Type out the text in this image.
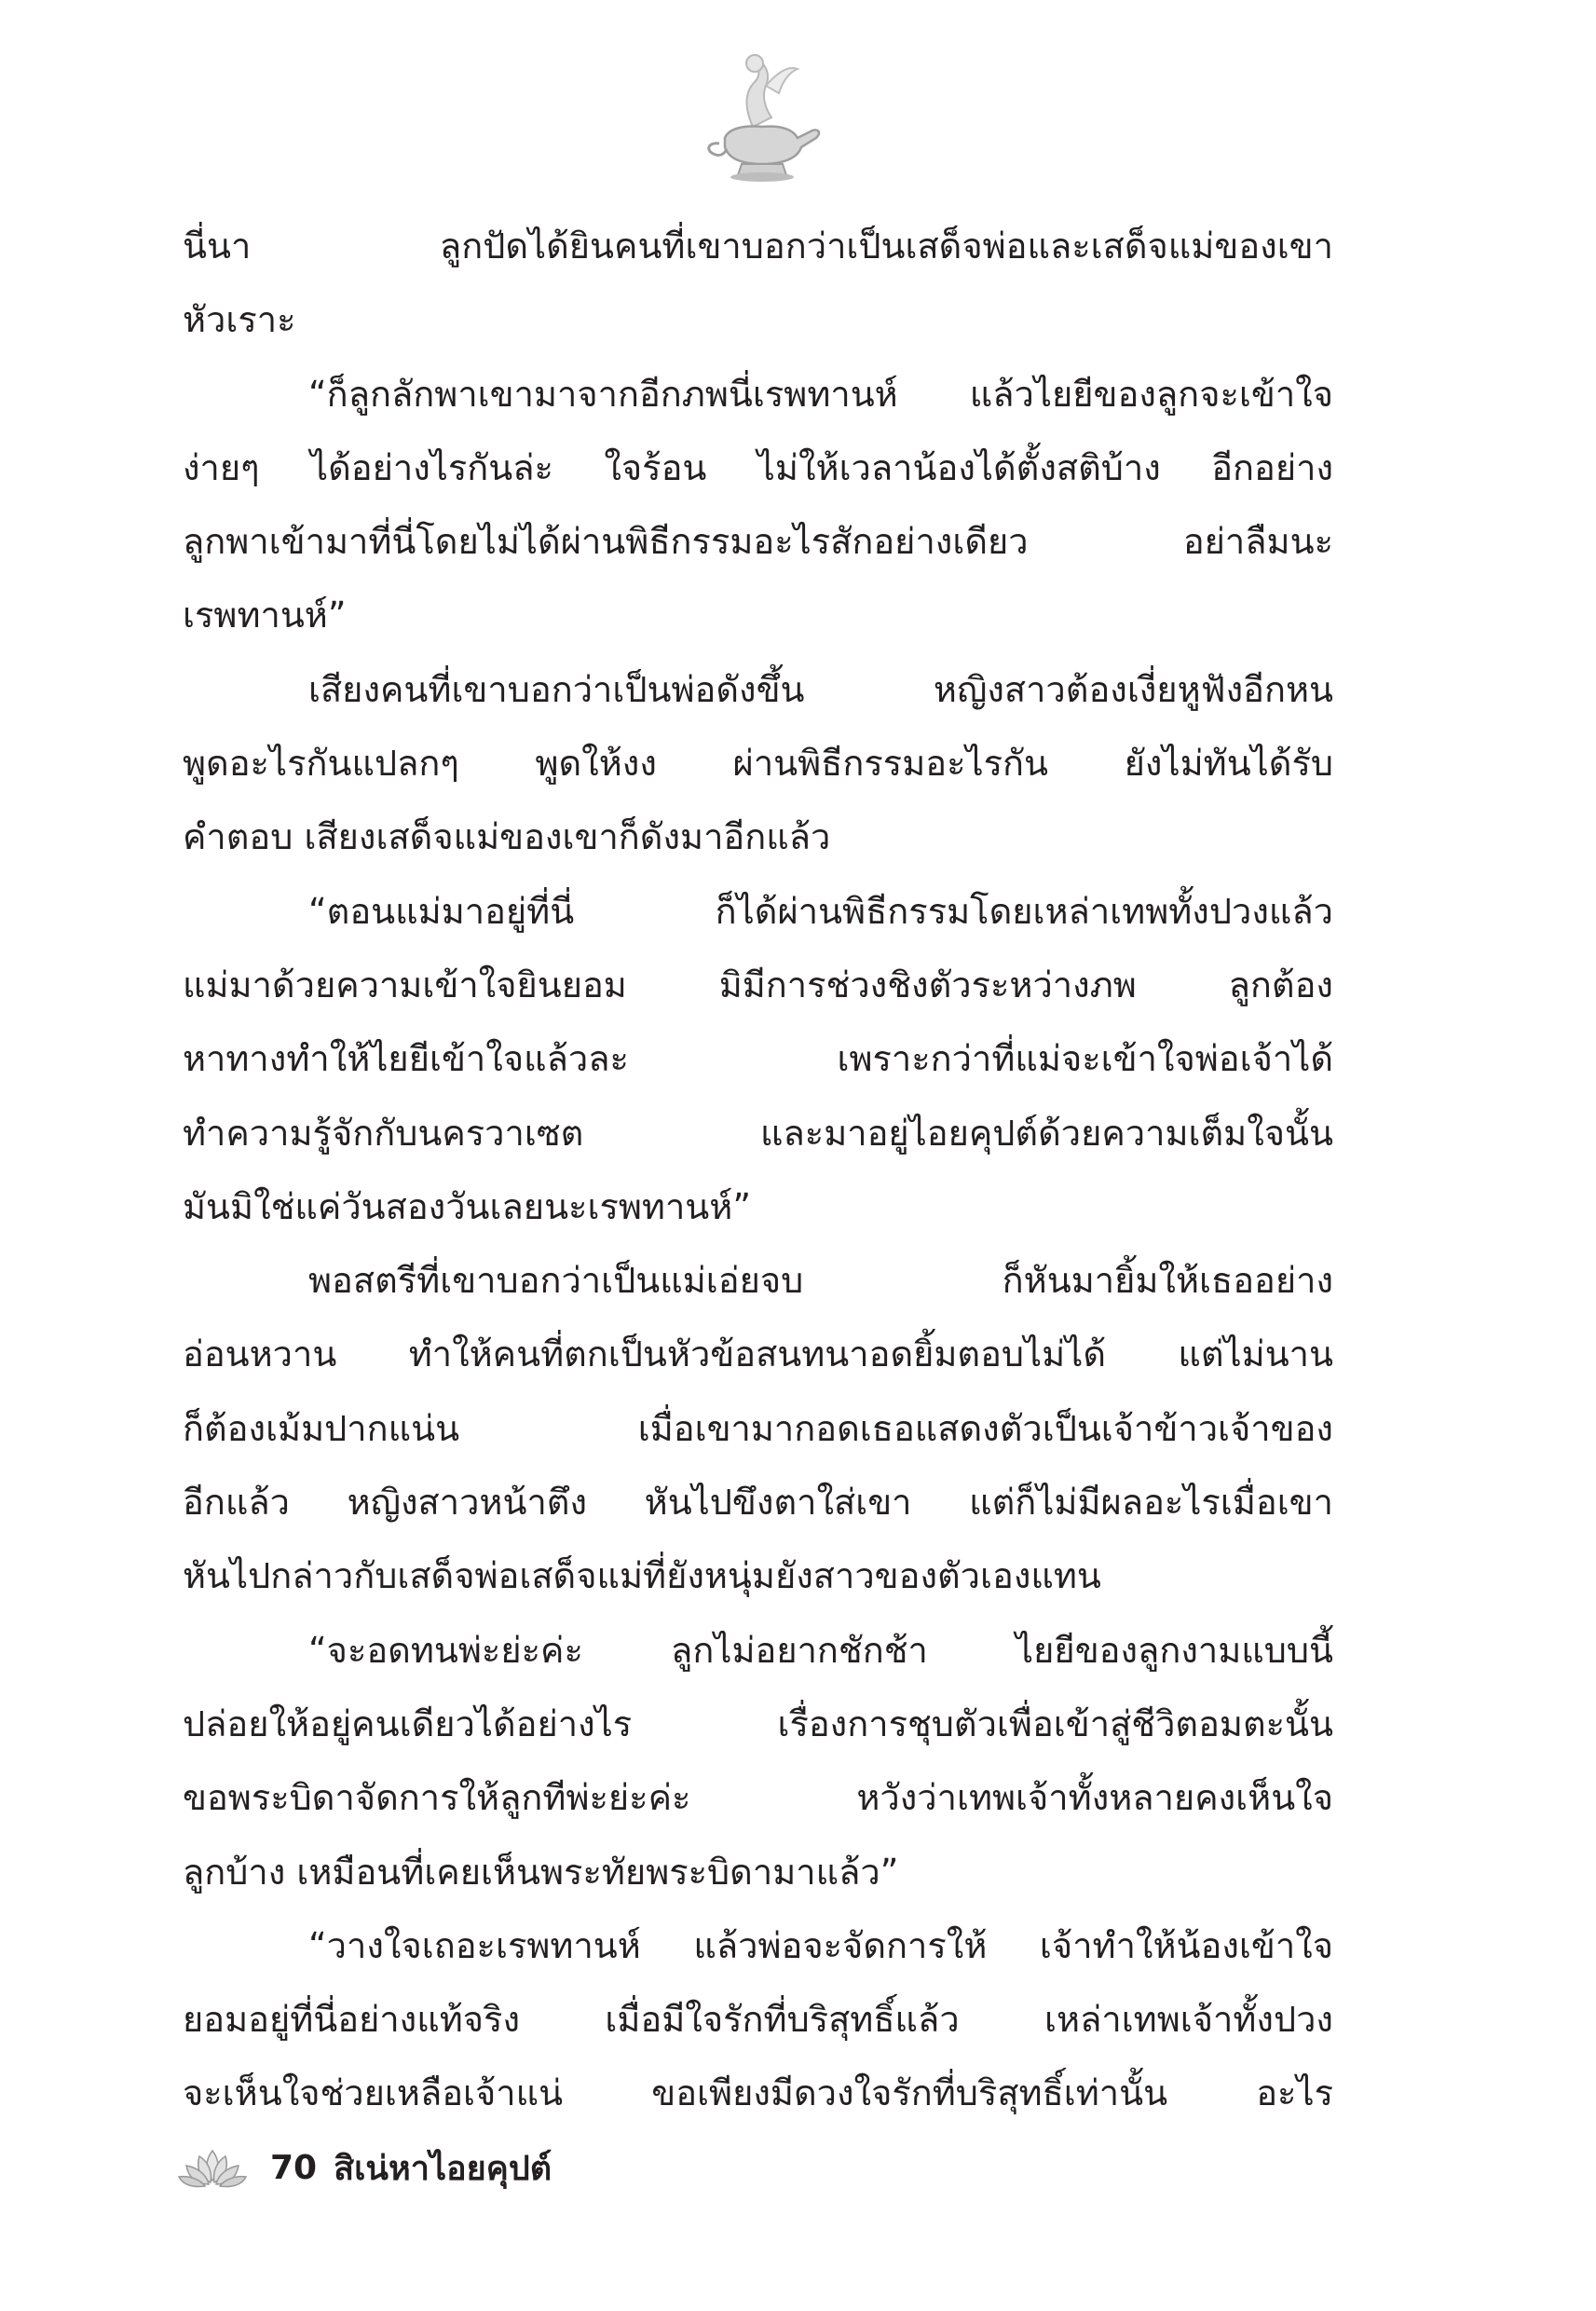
นี่นา ลูกปัดได้ยินคนที่เขาบอกว่าเป็นเสด็จพ่อและเสด็จแม่ของเขา

หัวเราะ

“ก็ลูกลักพาเขามาจากอีกภพนี่เรพทานห์ แล้วไยยีของลูกจะเข้าใจ

ง่ายๆ ได้อย่างไรกันล่ะ ใจร้อน ไม่ให้เวลาน้องได้ตั้งสติบ้าง อีกอย่าง

ลูกพาเข้ามาที่นี่โดยไม่ได้ผ่านพิธีกรรมอะไรสักอย่างเดียว อย่าลืมนะ

เรพทานห์”

เสียงคนที่เขาบอกว่าเป็นพ่อดังขึ้น หญิงสาวต้องเงี่ยหูฟังอีกหน

พูดอะไรกันแปลกๆ พูดให้งง ผ่านพิธีกรรมอะไรกัน ยังไม่ทันได้รับ

คำตอบ เสียงเสด็จแม่ของเขาก็ดังมาอีกแล้ว

“ตอนแม่มาอยู่ที่นี่ ก็ได้ผ่านพิธีกรรมโดยเหล่าเทพทั้งปวงแล้ว

แม่มาด้วยความเข้าใจยินยอม มิมีการช่วงชิงตัวระหว่างภพ ลูกต้อง

หาทางทำให้ไยยีเข้าใจแล้วละ เพราะกว่าที่แม่จะเข้าใจพ่อเจ้าได้

ทำความรู้จักกับนครวาเซต และมาอยู่ไอยคุปต์ด้วยความเต็มใจนั้น

มันมิใช่แค่วันสองวันเลยนะเรพทานห์”

พอสตรีที่เขาบอกว่าเป็นแม่เอ่ยจบ ก็หันมายิ้มให้เธออย่าง

อ่อนหวาน ทำให้คนที่ตกเป็นหัวข้อสนทนาอดยิ้มตอบไม่ได้ แต่ไม่นาน

ก็ต้องเม้มปากแน่น เมื่อเขามากอดเธอแสดงตัวเป็นเจ้าข้าวเจ้าของ

อีกแล้ว หญิงสาวหน้าตึง หันไปขึงตาใส่เขา แต่ก็ไม่มีผลอะไรเมื่อเขา

หันไปกล่าวกับเสด็จพ่อเสด็จแม่ที่ยังหนุ่มยังสาวของตัวเองแทน

“จะอดทนพ่ะย่ะค่ะ ลูกไม่อยากชักช้า ไยยีของลูกงามแบบนี้

ปล่อยให้อยู่คนเดียวได้อย่างไร เรื่องการชุบตัวเพื่อเข้าสู่ชีวิตอมตะนั้น

ขอพระบิดาจัดการให้ลูกทีพ่ะย่ะค่ะ หวังว่าเทพเจ้าทั้งหลายคงเห็นใจ

ลูกบ้าง เหมือนที่เคยเห็นพระทัยพระบิดามาแล้ว”

“วางใจเถอะเรพทานห์ แล้วพ่อจะจัดการให้ เจ้าทำให้น้องเข้าใจ

ยอมอยู่ที่นี่อย่างแท้จริง เมื่อมีใจรักที่บริสุทธิ์แล้ว เหล่าเทพเจ้าทั้งปวง

จะเห็นใจช่วยเหลือเจ้าแน่ ขอเพียงมีดวงใจรักที่บริสุทธิ์เท่านั้น อะไร

70 สิเน่หาไอยคุปต์
